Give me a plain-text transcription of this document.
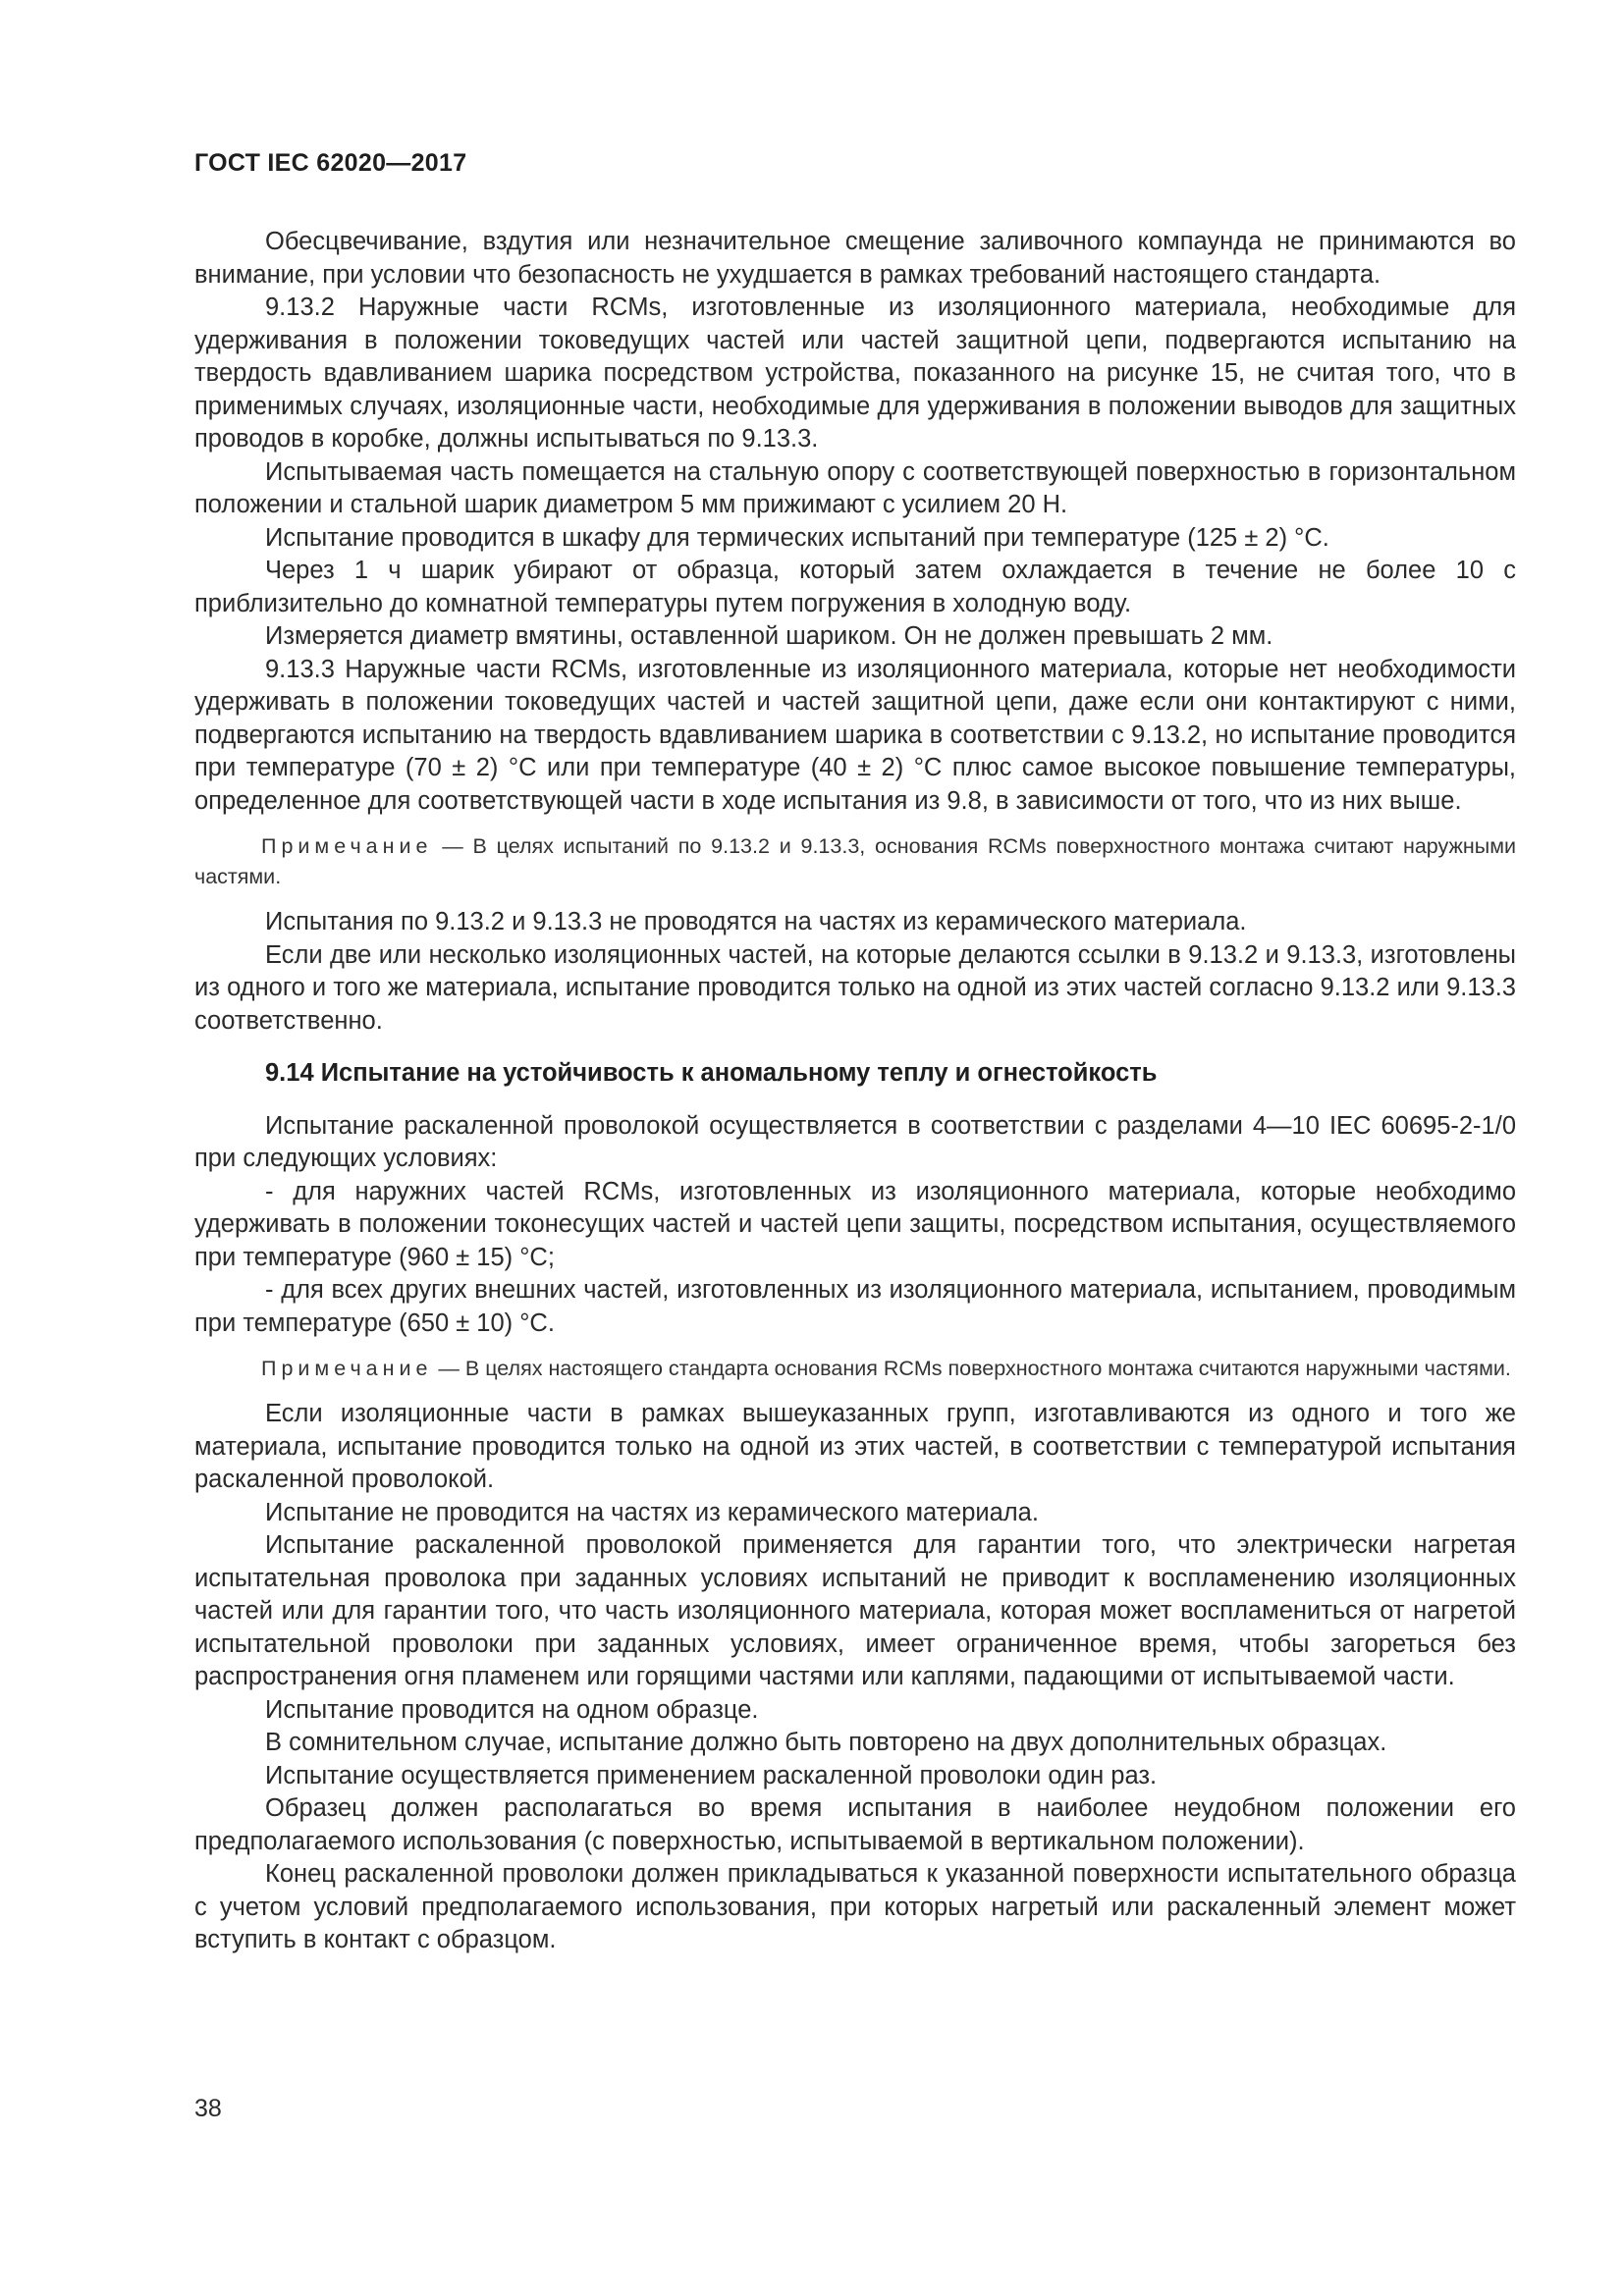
ГОСТ IEC 62020—2017

Обесцвечивание, вздутия или незначительное смещение заливочного компаунда не принимаются во внимание, при условии что безопасность не ухудшается в рамках требований настоящего стандарта.

9.13.2 Наружные части RCMs, изготовленные из изоляционного материала, необходимые для удерживания в положении токоведущих частей или частей защитной цепи, подвергаются испытанию на твердость вдавливанием шарика посредством устройства, показанного на рисунке 15, не считая того, что в применимых случаях, изоляционные части, необходимые для удерживания в положении выводов для защитных проводов в коробке, должны испытываться по 9.13.3.

Испытываемая часть помещается на стальную опору с соответствующей поверхностью в горизонтальном положении и стальной шарик диаметром 5 мм прижимают с усилием 20 Н.

Испытание проводится в шкафу для термических испытаний при температуре (125 ± 2) °С.

Через 1 ч шарик убирают от образца, который затем охлаждается в течение не более 10 с приблизительно до комнатной температуры путем погружения в холодную воду.

Измеряется диаметр вмятины, оставленной шариком. Он не должен превышать 2 мм.

9.13.3 Наружные части RCMs, изготовленные из изоляционного материала, которые нет необходимости удерживать в положении токоведущих частей и частей защитной цепи, даже если они контактируют с ними, подвергаются испытанию на твердость вдавливанием шарика в соответствии с 9.13.2, но испытание проводится при температуре (70 ± 2) °С или при температуре (40 ± 2) °С плюс самое высокое повышение температуры, определенное для соответствующей части в ходе испытания из 9.8, в зависимости от того, что из них выше.

Примечание — В целях испытаний по 9.13.2 и 9.13.3, основания RCMs поверхностного монтажа считают наружными частями.

Испытания по 9.13.2 и 9.13.3 не проводятся на частях из керамического материала.

Если две или несколько изоляционных частей, на которые делаются ссылки в 9.13.2 и 9.13.3, изготовлены из одного и того же материала, испытание проводится только на одной из этих частей согласно 9.13.2 или 9.13.3 соответственно.

9.14 Испытание на устойчивость к аномальному теплу и огнестойкость

Испытание раскаленной проволокой осуществляется в соответствии с разделами 4—10 IEC 60695-2-1/0 при следующих условиях:

- для наружних частей RCMs, изготовленных из изоляционного материала, которые необходимо удерживать в положении токонесущих частей и частей цепи защиты, посредством испытания, осуществляемого при температуре (960 ± 15) °С;

- для всех других внешних частей, изготовленных из изоляционного материала, испытанием, проводимым при температуре (650 ± 10) °С.

Примечание — В целях настоящего стандарта основания RCMs поверхностного монтажа считаются наружными частями.

Если изоляционные части в рамках вышеуказанных групп, изготавливаются из одного и того же материала, испытание проводится только на одной из этих частей, в соответствии с температурой испытания раскаленной проволокой.

Испытание не проводится на частях из керамического материала.

Испытание раскаленной проволокой применяется для гарантии того, что электрически нагретая испытательная проволока при заданных условиях испытаний не приводит к воспламенению изоляционных частей или для гарантии того, что часть изоляционного материала, которая может воспламениться от нагретой испытательной проволоки при заданных условиях, имеет ограниченное время, чтобы загореться без распространения огня пламенем или горящими частями или каплями, падающими от испытываемой части.

Испытание проводится на одном образце.

В сомнительном случае, испытание должно быть повторено на двух дополнительных образцах.

Испытание осуществляется применением раскаленной проволоки один раз.

Образец должен располагаться во время испытания в наиболее неудобном положении его предполагаемого использования (с поверхностью, испытываемой в вертикальном положении).

Конец раскаленной проволоки должен прикладываться к указанной поверхности испытательного образца с учетом условий предполагаемого использования, при которых нагретый или раскаленный элемент может вступить в контакт с образцом.

38
